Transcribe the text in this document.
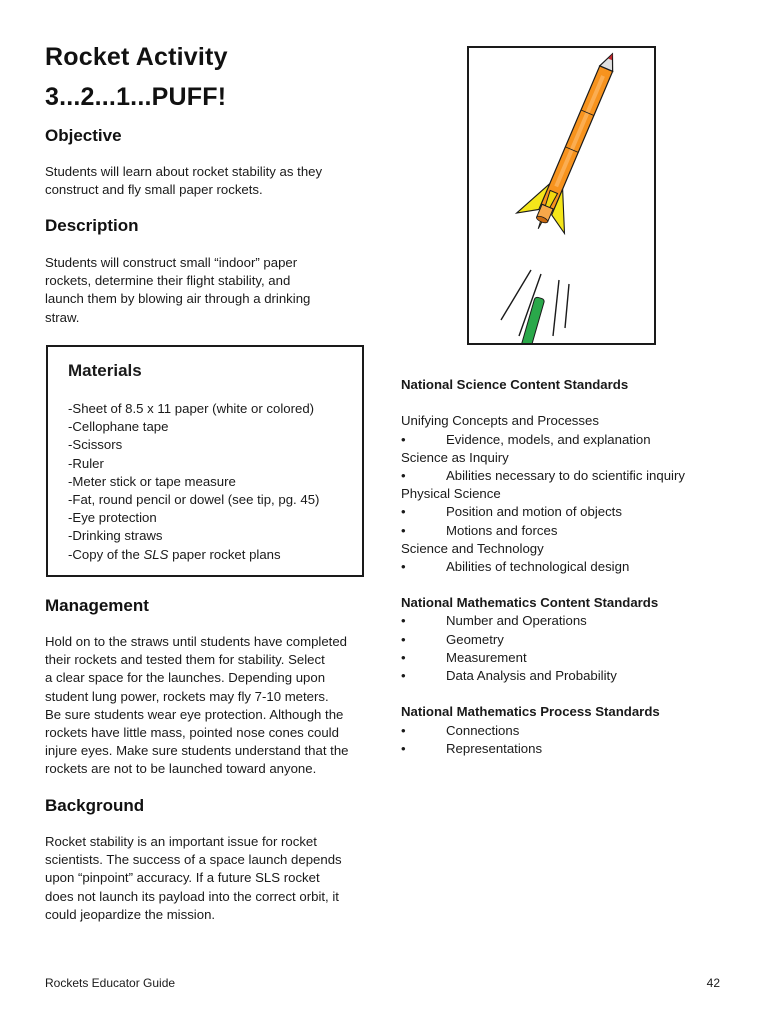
Rocket Activity
3...2...1...PUFF!
Objective
Students will learn about rocket stability as they
construct and fly small paper rockets.
Description
Students will construct small “indoor” paper
rockets, determine their flight stability, and
launch them by blowing air through a drinking
straw.
Materials
-Sheet of 8.5 x 11 paper (white or colored)
-Cellophane tape
-Scissors
-Ruler
-Meter stick or tape measure
-Fat, round pencil or dowel (see tip, pg. 45)
-Eye protection
-Drinking straws
-Copy of the SLS paper rocket plans
Management
Hold on to the straws until students have completed
their rockets and tested them for stability. Select
a clear space for the launches. Depending upon
student lung power, rockets may fly 7-10 meters.
Be sure students wear eye protection. Although the
rockets have little mass, pointed nose cones could
injure eyes. Make sure students understand that the
rockets are not to be launched toward anyone.
Background
Rocket stability is an important issue for rocket
scientists. The success of a space launch depends
upon “pinpoint” accuracy. If a future SLS rocket
does not launch its payload into the correct orbit, it
could jeopardize the mission.
National Science Content Standards
Unifying Concepts and Processes
•	Evidence, models, and explanation
Science as Inquiry
•	Abilities necessary to do scientific inquiry
Physical Science
•	Position and motion of objects
•	Motions and forces
Science and Technology
•	Abilities of technological design
National Mathematics Content Standards
•	Number and Operations
•	Geometry
•	Measurement
•	Data Analysis and Probability
National Mathematics Process Standards
•	Connections
•	Representations
Rockets Educator Guide	42
